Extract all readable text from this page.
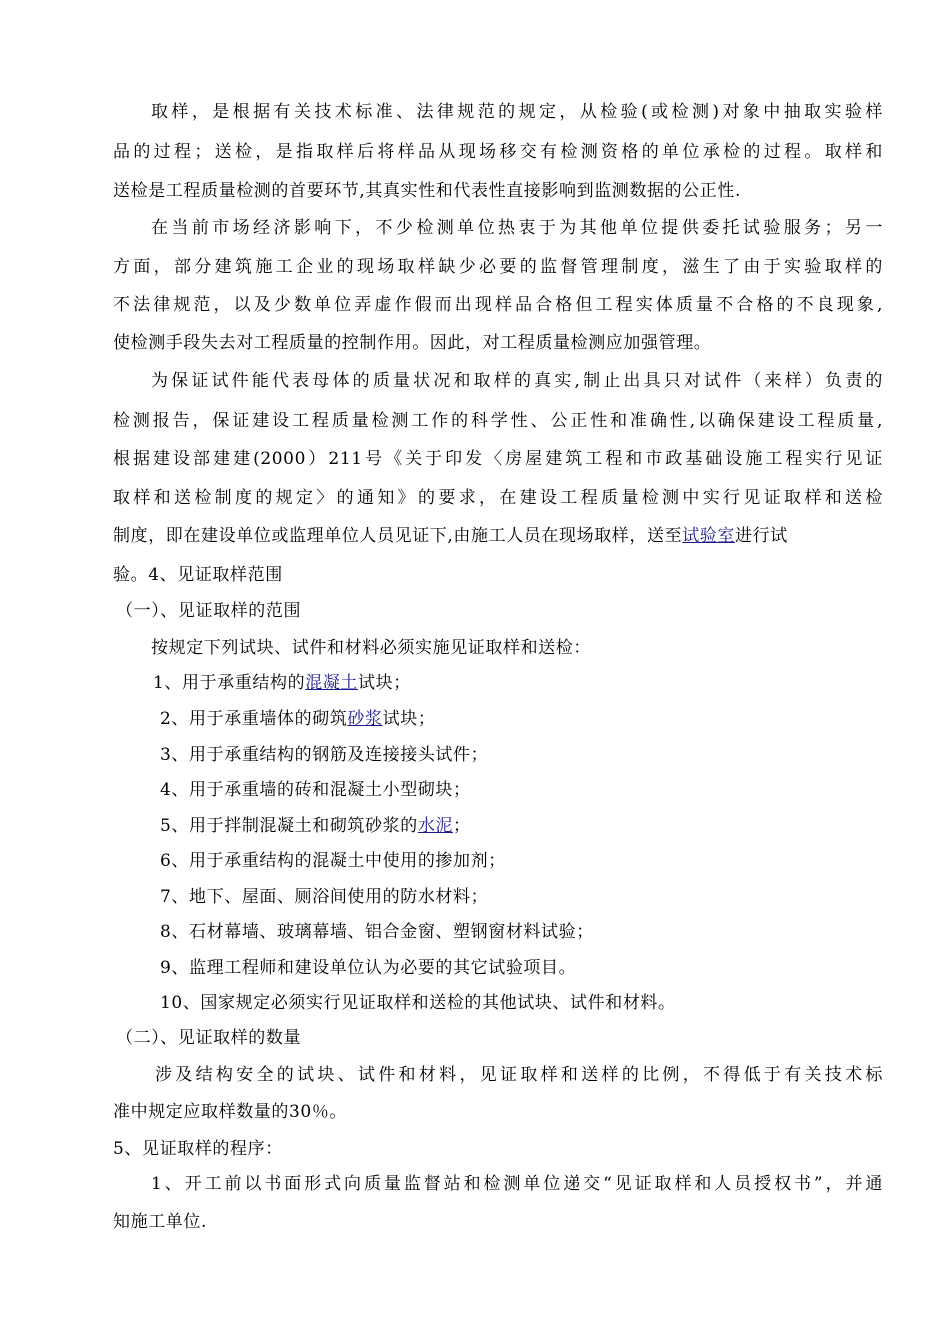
取样，是根据有关技术标准、法律规范的规定，从检验(或检测)对象中抽取实验样
品的过程；送检，是指取样后将样品从现场移交有检测资格的单位承检的过程。取样和
送检是工程质量检测的首要环节,其真实性和代表性直接影响到监测数据的公正性.
在当前市场经济影响下，不少检测单位热衷于为其他单位提供委托试验服务；另一
方面，部分建筑施工企业的现场取样缺少必要的监督管理制度，滋生了由于实验取样的
不法律规范，以及少数单位弄虚作假而出现样品合格但工程实体质量不合格的不良现象,
使检测手段失去对工程质量的控制作用。因此，对工程质量检测应加强管理。
为保证试件能代表母体的质量状况和取样的真实,制止出具只对试件（来样）负责的
检测报告，保证建设工程质量检测工作的科学性、公正性和准确性,以确保建设工程质量,
根据建设部建建(2000）211号《关于印发〈房屋建筑工程和市政基础设施工程实行见证
取样和送检制度的规定〉的通知》的要求，在建设工程质量检测中实行见证取样和送检
制度，即在建设单位或监理单位人员见证下,由施工人员在现场取样，送至试验室进行试
验。4、见证取样范围
（一）、见证取样的范围
按规定下列试块、试件和材料必须实施见证取样和送检：
1、用于承重结构的混凝土试块；
2、用于承重墙体的砌筑砂浆试块；
3、用于承重结构的钢筋及连接接头试件；
4、用于承重墙的砖和混凝土小型砌块；
5、用于拌制混凝土和砌筑砂浆的水泥；
6、用于承重结构的混凝土中使用的掺加剂；
7、地下、屋面、厕浴间使用的防水材料；
8、石材幕墙、玻璃幕墙、铝合金窗、塑钢窗材料试验；
9、监理工程师和建设单位认为必要的其它试验项目。
10、国家规定必须实行见证取样和送检的其他试块、试件和材料。
（二）、见证取样的数量
涉及结构安全的试块、试件和材料，见证取样和送样的比例，不得低于有关技术标
准中规定应取样数量的30％。
5、见证取样的程序：
1、开工前以书面形式向质量监督站和检测单位递交“见证取样和人员授权书”，并通
知施工单位.
